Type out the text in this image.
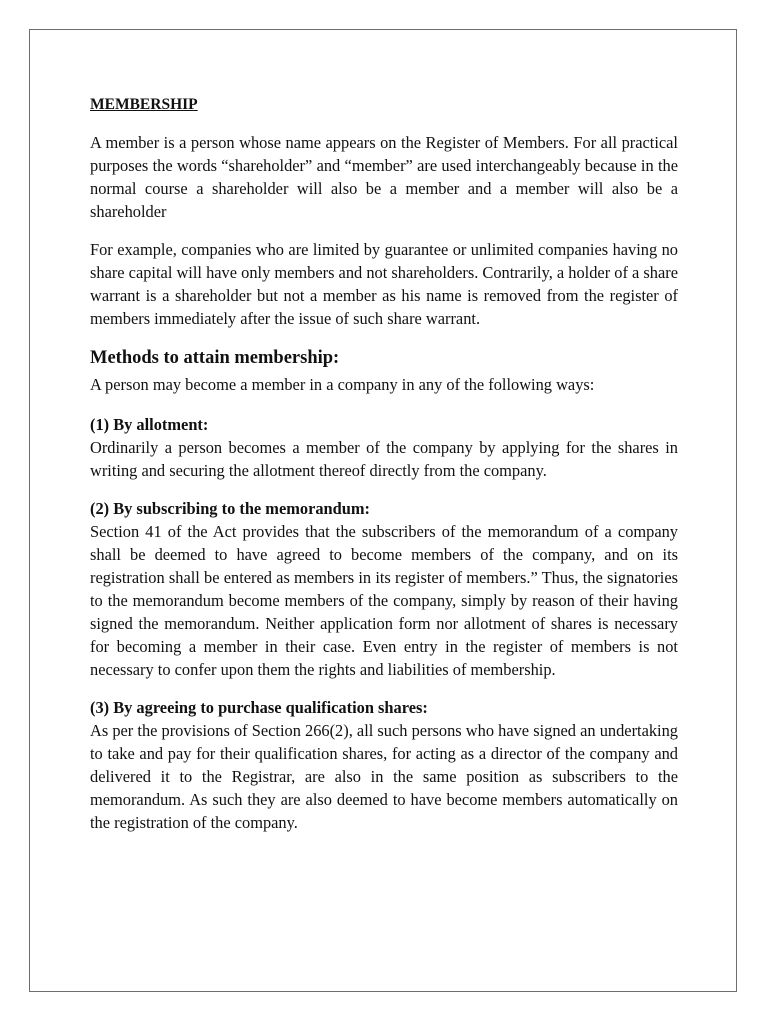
MEMBERSHIP

A member is a person whose name appears on the Register of Members. For all practical purposes the words “shareholder” and “member” are used interchangeably because in the normal course a shareholder will also be a member and a member will also be a shareholder

For example, companies who are limited by guarantee or unlimited companies having no share capital will have only members and not shareholders. Contrarily, a holder of a share warrant is a shareholder but not a member as his name is removed from the register of members immediately after the issue of such share warrant.

Methods to attain membership:
A person may become a member in a company in any of the following ways:
(1) By allotment:
Ordinarily a person becomes a member of the company by applying for the shares in writing and securing the allotment thereof directly from the company.
(2) By subscribing to the memorandum:
Section 41 of the Act provides that the subscribers of the memorandum of a company shall be deemed to have agreed to become members of the company, and on its registration shall be entered as members in its register of members.” Thus, the signatories to the memorandum become members of the company, simply by reason of their having signed the memorandum. Neither application form nor allotment of shares is necessary for becoming a member in their case. Even entry in the register of members is not necessary to confer upon them the rights and liabilities of membership.
(3) By agreeing to purchase qualification shares:
As per the provisions of Section 266(2), all such persons who have signed an undertaking to take and pay for their qualification shares, for acting as a director of the company and delivered it to the Registrar, are also in the same position as subscribers to the memorandum. As such they are also deemed to have become members automatically on the registration of the company.
